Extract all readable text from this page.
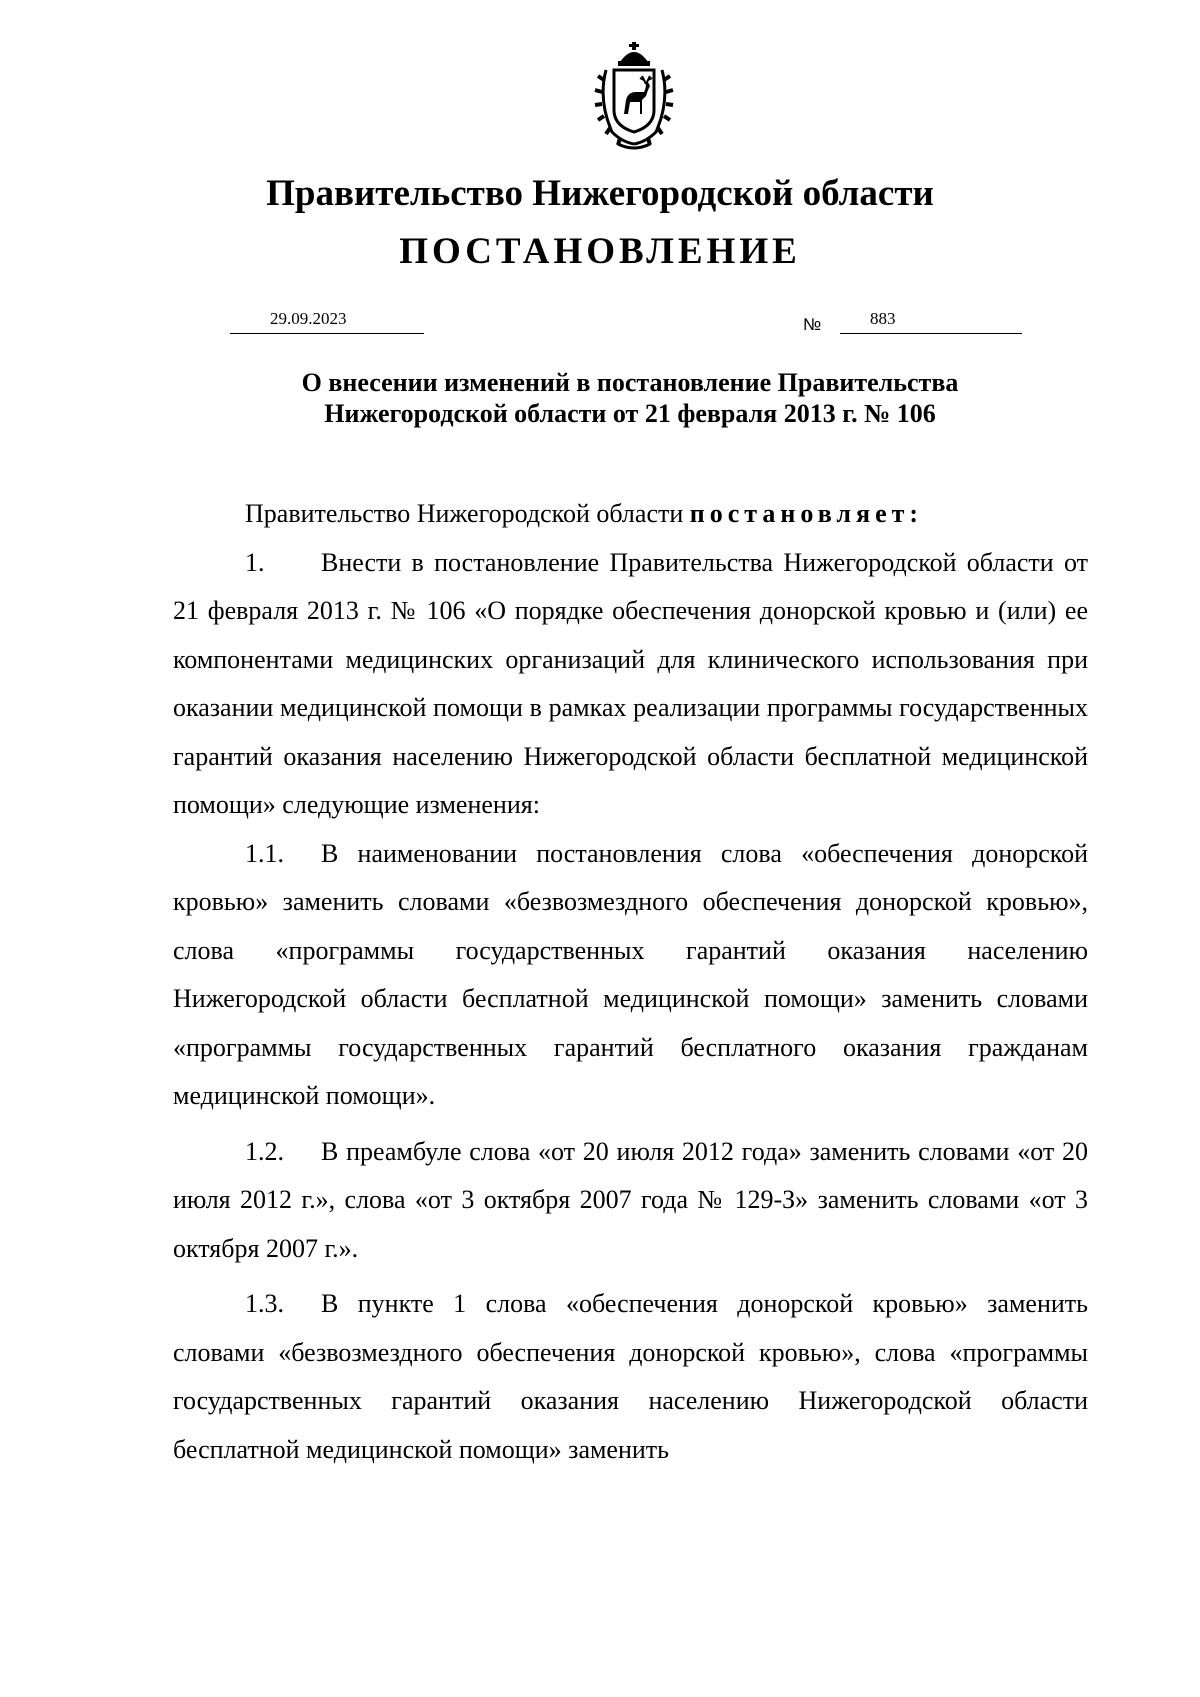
Правительство Нижегородской области
ПОСТАНОВЛЕНИЕ
29.09.2023	№	883
О внесении изменений в постановление Правительства
Нижегородской области от 21 февраля 2013 г. № 106

Правительство Нижегородской области постановляет:

1. Внести в постановление Правительства Нижегородской области от 21 февраля 2013 г. № 106 «О порядке обеспечения донорской кровью и (или) ее компонентами медицинских организаций для клинического использования при оказании медицинской помощи в рамках реализации программы государственных гарантий оказания населению Нижегородской области бесплатной медицинской помощи» следующие изменения:

1.1. В наименовании постановления слова «обеспечения донорской кровью» заменить словами «безвозмездного обеспечения донорской кровью», слова «программы государственных гарантий оказания населению Нижегородской области бесплатной медицинской помощи» заменить словами «программы государственных гарантий бесплатного оказания гражданам медицинской помощи».

1.2. В преамбуле слова «от 20 июля 2012 года» заменить словами «от 20 июля 2012 г.», слова «от 3 октября 2007 года № 129-З» заменить словами «от 3 октября 2007 г.».

1.3. В пункте 1 слова «обеспечения донорской кровью» заменить словами «безвозмездного обеспечения донорской кровью», слова «программы государственных гарантий оказания населению Нижегородской области бесплатной медицинской помощи» заменить
